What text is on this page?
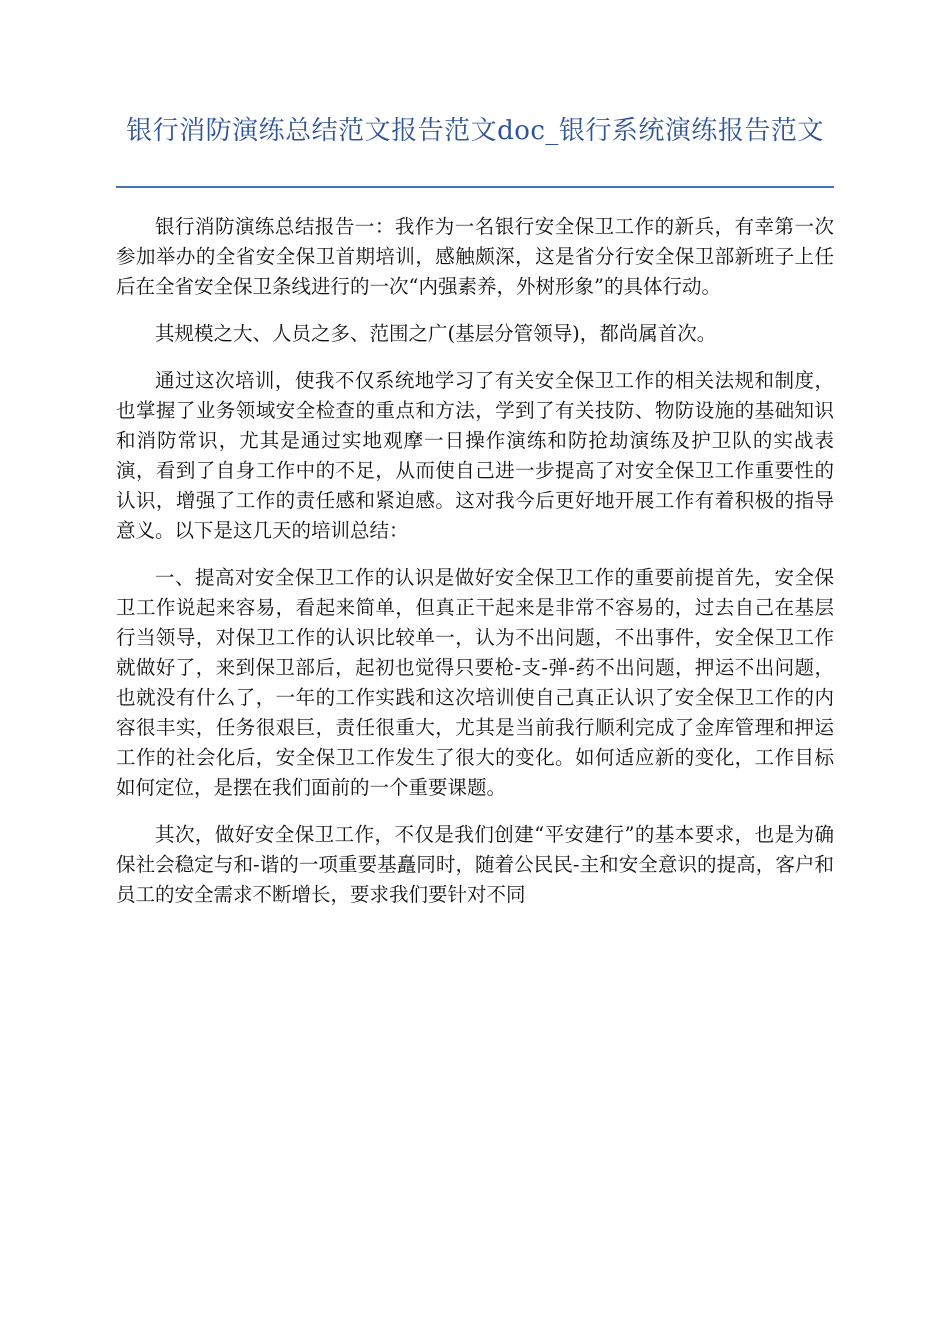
银行消防演练总结范文报告范文doc_银行系统演练报告范文

银行消防演练总结报告一：我作为一名银行安全保卫工作的新兵，有幸第一次参加举办的全省安全保卫首期培训，感触颇深，这是省分行安全保卫部新班子上任后在全省安全保卫条线进行的一次“内强素养，外树形象”的具体行动。

其规模之大、人员之多、范围之广(基层分管领导)，都尚属首次。

通过这次培训，使我不仅系统地学习了有关安全保卫工作的相关法规和制度，也掌握了业务领域安全检查的重点和方法，学到了有关技防、物防设施的基础知识和消防常识，尤其是通过实地观摩一日操作演练和防抢劫演练及护卫队的实战表演，看到了自身工作中的不足，从而使自己进一步提高了对安全保卫工作重要性的认识，增强了工作的责任感和紧迫感。这对我今后更好地开展工作有着积极的指导意义。以下是这几天的培训总结：

一、提高对安全保卫工作的认识是做好安全保卫工作的重要前提首先，安全保卫工作说起来容易，看起来简单，但真正干起来是非常不容易的，过去自己在基层行当领导，对保卫工作的认识比较单一，认为不出问题，不出事件，安全保卫工作就做好了，来到保卫部后，起初也觉得只要枪-支-弹-药不出问题，押运不出问题，也就没有什么了，一年的工作实践和这次培训使自己真正认识了安全保卫工作的内容很丰实，任务很艰巨，责任很重大，尤其是当前我行顺利完成了金库管理和押运工作的社会化后，安全保卫工作发生了很大的变化。如何适应新的变化，工作目标如何定位，是摆在我们面前的一个重要课题。

其次，做好安全保卫工作，不仅是我们创建“平安建行”的基本要求，也是为确保社会稳定与和-谐的一项重要基矗同时，随着公民民-主和安全意识的提高，客户和员工的安全需求不断增长，要求我们要针对不同
